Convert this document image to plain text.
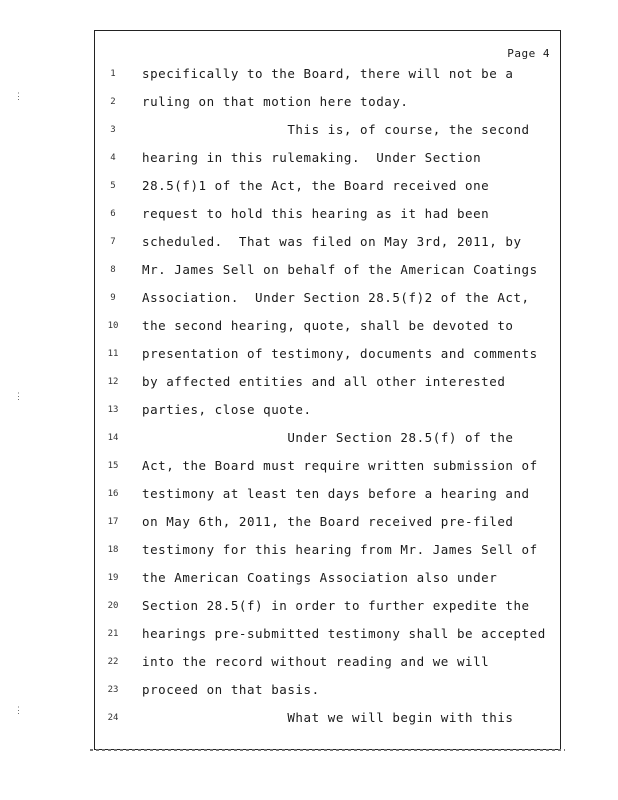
Page 4
⋮
⋮
⋮
1	specifically to the Board, there will not be a
2	ruling on that motion here today.
3	This is, of course, the second
4	hearing in this rulemaking.  Under Section
5	28.5(f)1 of the Act, the Board received one
6	request to hold this hearing as it had been
7	scheduled.  That was filed on May 3rd, 2011, by
8	Mr. James Sell on behalf of the American Coatings
9	Association.  Under Section 28.5(f)2 of the Act,
10	the second hearing, quote, shall be devoted to
11	presentation of testimony, documents and comments
12	by affected entities and all other interested
13	parties, close quote.
14	Under Section 28.5(f) of the
15	Act, the Board must require written submission of
16	testimony at least ten days before a hearing and
17	on May 6th, 2011, the Board received pre-filed
18	testimony for this hearing from Mr. James Sell of
19	the American Coatings Association also under
20	Section 28.5(f) in order to further expedite the
21	hearings pre-submitted testimony shall be accepted
22	into the record without reading and we will
23	proceed on that basis.
24	What we will begin with this
